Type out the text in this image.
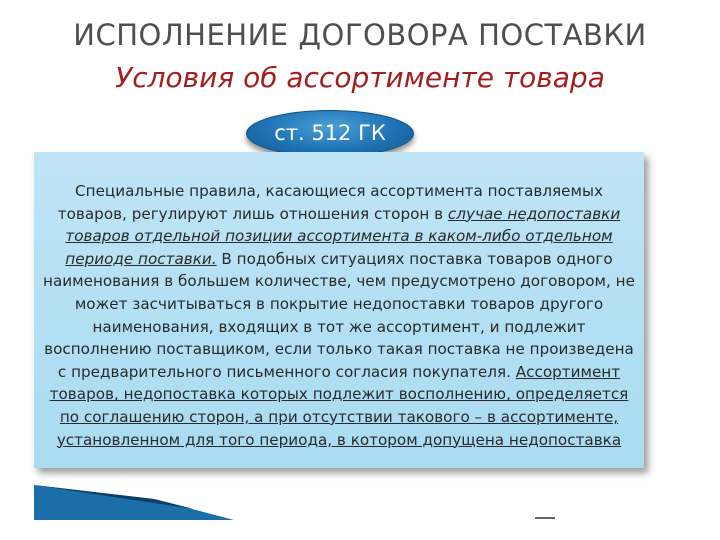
ИСПОЛНЕНИЕ ДОГОВОРА ПОСТАВКИ
Условия об ассортименте товара
ст. 512 ГК
Специальные правила, касающиеся ассортимента поставляемых
товаров, регулируют лишь отношения сторон в случае недопоставки
товаров отдельной позиции ассортимента в каком-либо отдельном
периоде поставки. В подобных ситуациях поставка товаров одного
наименования в большем количестве, чем предусмотрено договором, не
может засчитываться в покрытие недопоставки товаров другого
наименования, входящих в тот же ассортимент, и подлежит
восполнению поставщиком, если только такая поставка не произведена
с предварительного письменного согласия покупателя. Ассортимент
товаров, недопоставка которых подлежит восполнению, определяется
по соглашению сторон, а при отсутствии такового – в ассортименте,
установленном для того периода, в котором допущена недопоставка
